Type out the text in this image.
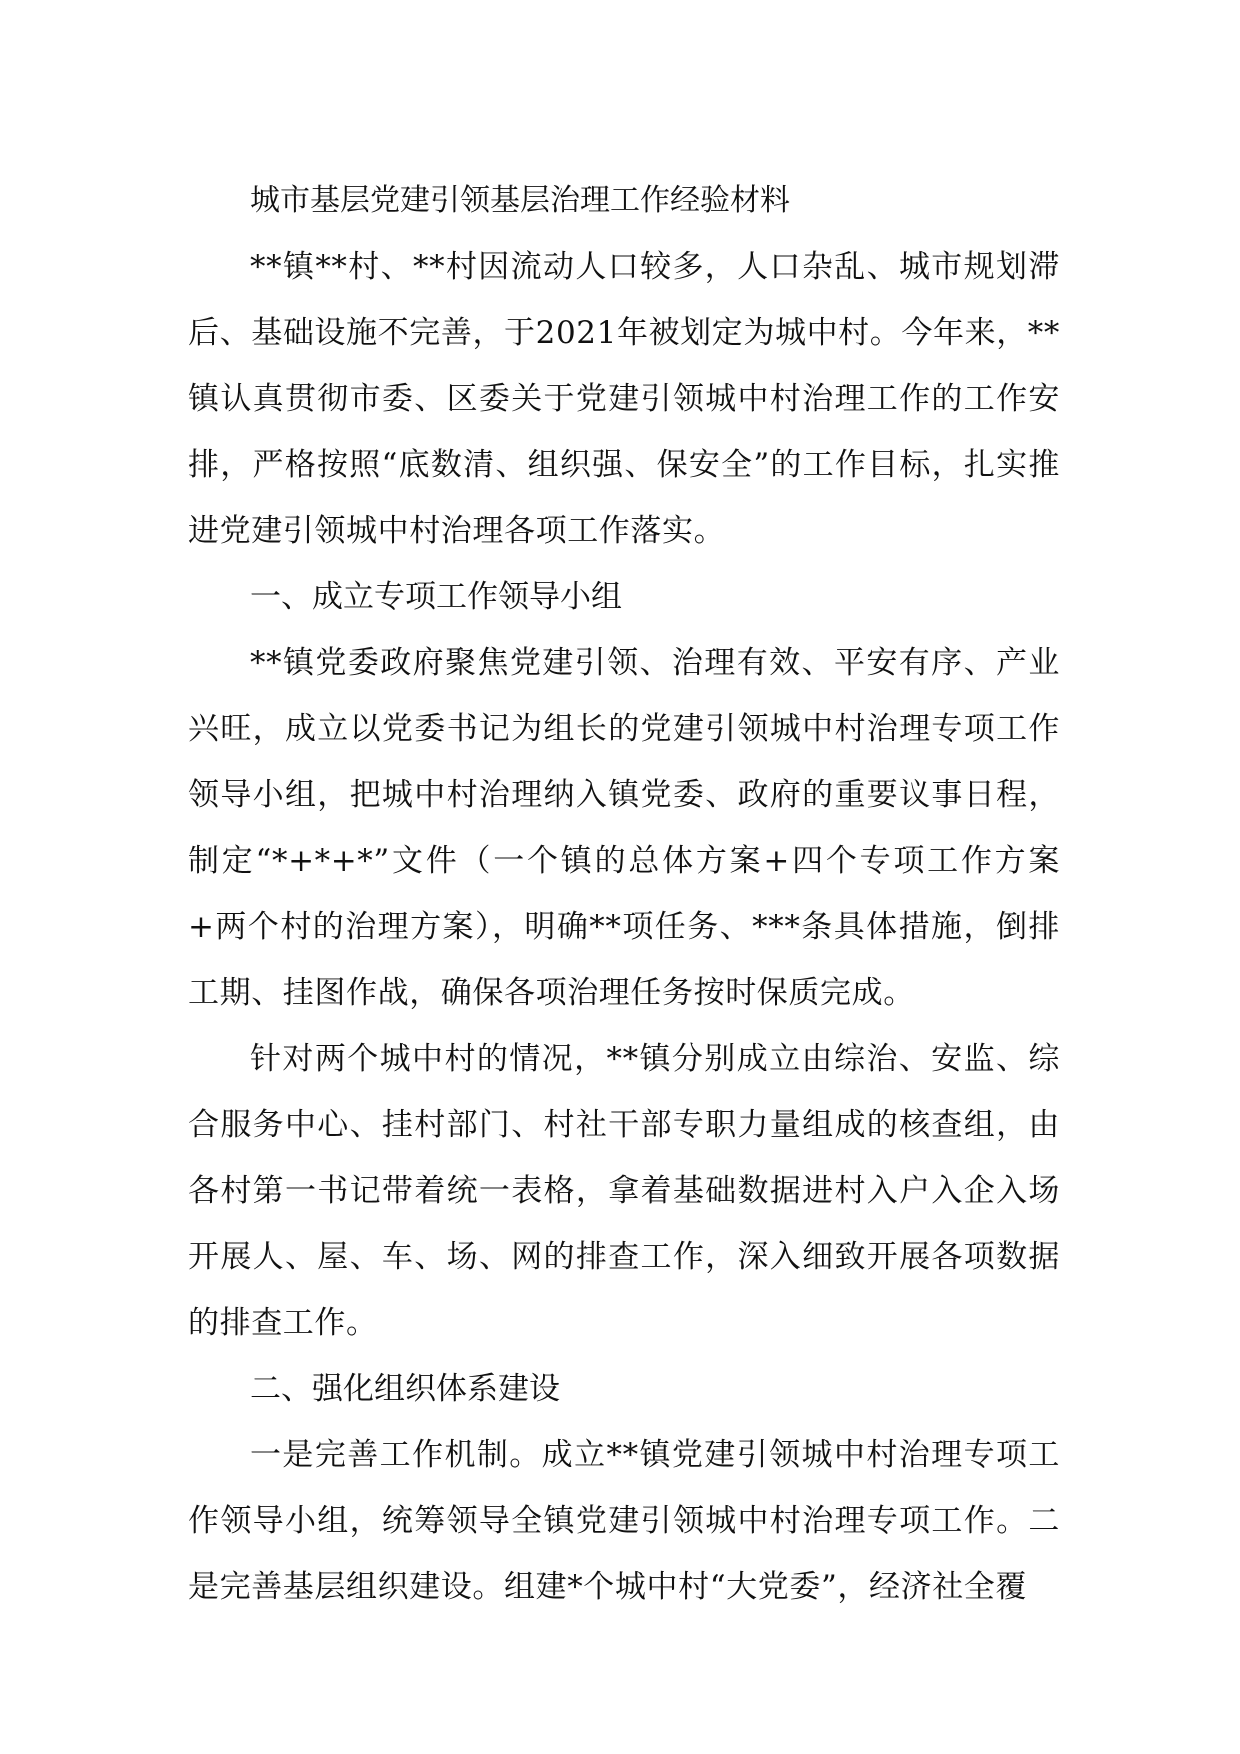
城市基层党建引领基层治理工作经验材料

**镇**村、**村因流动人口较多，人口杂乱、城市规划滞后、基础设施不完善，于2021年被划定为城中村。今年来，**镇认真贯彻市委、区委关于党建引领城中村治理工作的工作安排，严格按照“底数清、组织强、保安全”的工作目标，扎实推进党建引领城中村治理各项工作落实。

一、成立专项工作领导小组

**镇党委政府聚焦党建引领、治理有效、平安有序、产业兴旺，成立以党委书记为组长的党建引领城中村治理专项工作领导小组，把城中村治理纳入镇党委、政府的重要议事日程，制定“*+*+*”文件（一个镇的总体方案+四个专项工作方案+两个村的治理方案），明确**项任务、***条具体措施，倒排工期、挂图作战，确保各项治理任务按时保质完成。

针对两个城中村的情况，**镇分别成立由综治、安监、综合服务中心、挂村部门、村社干部专职力量组成的核查组，由各村第一书记带着统一表格，拿着基础数据进村入户入企入场开展人、屋、车、场、网的排查工作，深入细致开展各项数据的排查工作。

二、强化组织体系建设

一是完善工作机制。成立**镇党建引领城中村治理专项工作领导小组，统筹领导全镇党建引领城中村治理专项工作。二是完善基层组织建设。组建*个城中村“大党委”，经济社全覆
